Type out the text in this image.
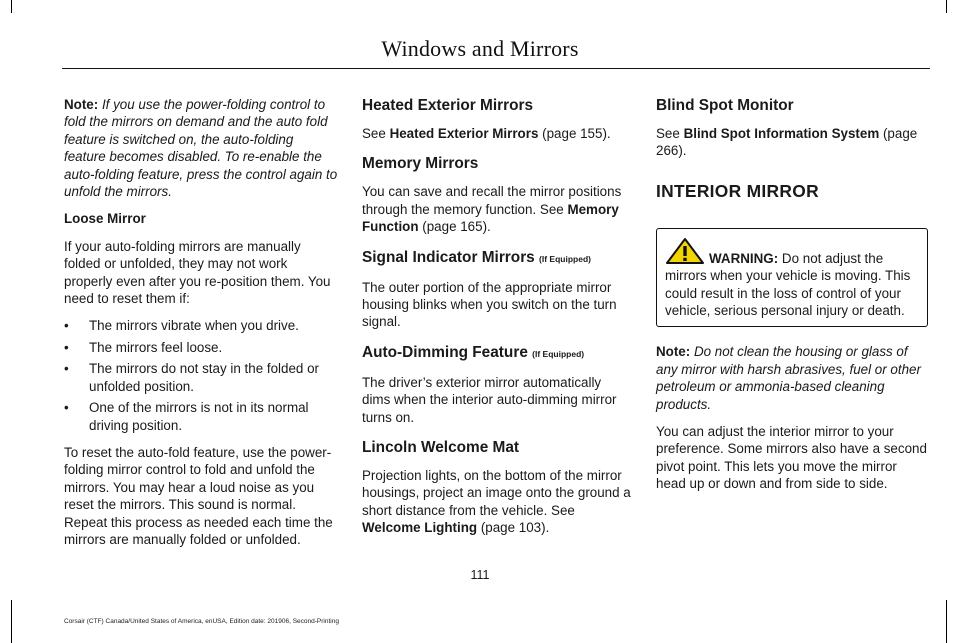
Windows and Mirrors

Note: If you use the power-folding control to fold the mirrors on demand and the auto fold feature is switched on, the auto-folding feature becomes disabled. To re-enable the auto-folding feature, press the control again to unfold the mirrors.

Loose Mirror

If your auto-folding mirrors are manually folded or unfolded, they may not work properly even after you re-position them. You need to reset them if:

• The mirrors vibrate when you drive.
• The mirrors feel loose.
• The mirrors do not stay in the folded or unfolded position.
• One of the mirrors is not in its normal driving position.

To reset the auto-fold feature, use the power-folding mirror control to fold and unfold the mirrors. You may hear a loud noise as you reset the mirrors. This sound is normal. Repeat this process as needed each time the mirrors are manually folded or unfolded.

Heated Exterior Mirrors

See Heated Exterior Mirrors (page 155).

Memory Mirrors

You can save and recall the mirror positions through the memory function. See Memory Function (page 165).

Signal Indicator Mirrors (If Equipped)

The outer portion of the appropriate mirror housing blinks when you switch on the turn signal.

Auto-Dimming Feature (If Equipped)

The driver’s exterior mirror automatically dims when the interior auto-dimming mirror turns on.

Lincoln Welcome Mat

Projection lights, on the bottom of the mirror housings, project an image onto the ground a short distance from the vehicle. See Welcome Lighting (page 103).

Blind Spot Monitor

See Blind Spot Information System (page 266).

INTERIOR MIRROR
WARNING: Do not adjust the mirrors when your vehicle is moving. This could result in the loss of control of your vehicle, serious personal injury or death.

Note: Do not clean the housing or glass of any mirror with harsh abrasives, fuel or other petroleum or ammonia-based cleaning products.

You can adjust the interior mirror to your preference. Some mirrors also have a second pivot point. This lets you move the mirror head up or down and from side to side.

111
Corsair (CTF) Canada/United States of America, enUSA, Edition date: 201906, Second-Printing
